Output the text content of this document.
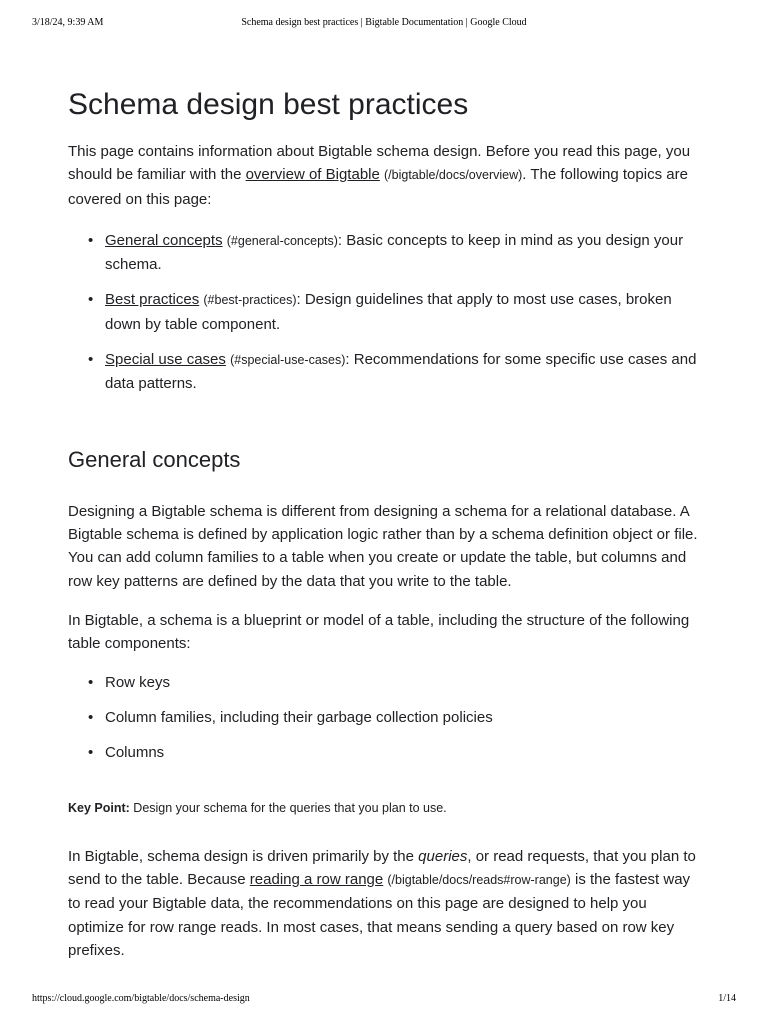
3/18/24, 9:39 AM	Schema design best practices | Bigtable Documentation | Google Cloud
Schema design best practices

This page contains information about Bigtable schema design. Before you read this page, you should be familiar with the overview of Bigtable (/bigtable/docs/overview). The following topics are covered on this page:

• General concepts (#general-concepts): Basic concepts to keep in mind as you design your schema.
• Best practices (#best-practices): Design guidelines that apply to most use cases, broken down by table component.
• Special use cases (#special-use-cases): Recommendations for some specific use cases and data patterns.
General concepts

Designing a Bigtable schema is different from designing a schema for a relational database. A Bigtable schema is defined by application logic rather than by a schema definition object or file. You can add column families to a table when you create or update the table, but columns and row key patterns are defined by the data that you write to the table.

In Bigtable, a schema is a blueprint or model of a table, including the structure of the following table components:

• Row keys
• Column families, including their garbage collection policies
• Columns

Key Point: Design your schema for the queries that you plan to use.

In Bigtable, schema design is driven primarily by the queries, or read requests, that you plan to send to the table. Because reading a row range (/bigtable/docs/reads#row-range) is the fastest way to read your Bigtable data, the recommendations on this page are designed to help you optimize for row range reads. In most cases, that means sending a query based on row key prefixes.

https://cloud.google.com/bigtable/docs/schema-design	1/14
